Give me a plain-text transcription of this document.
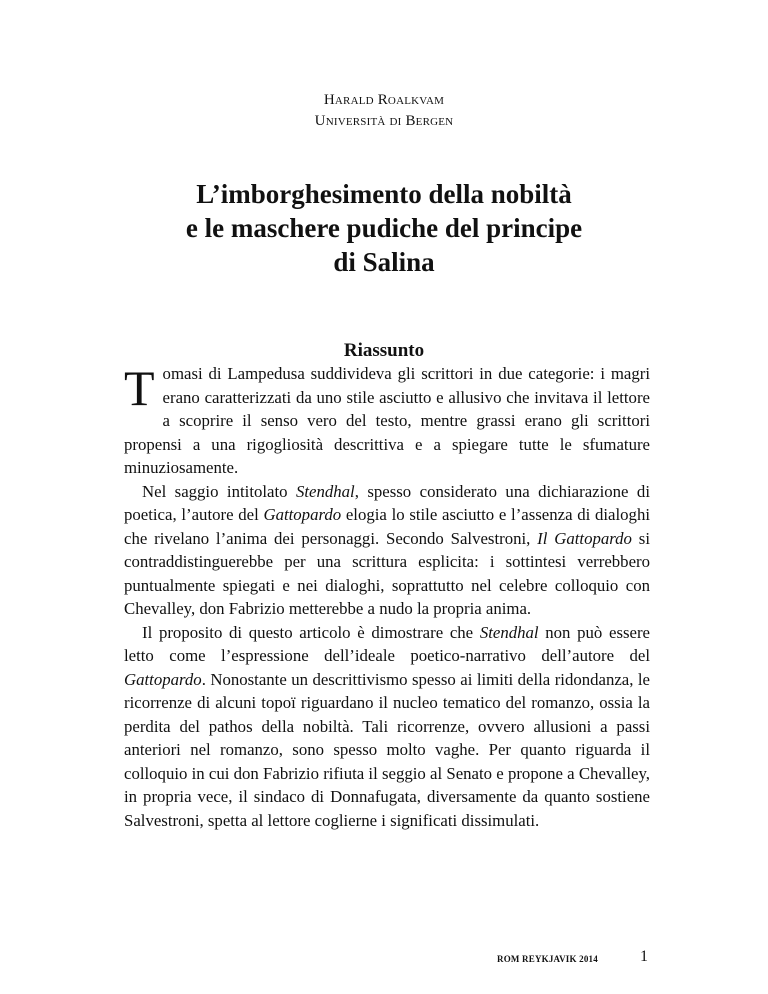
Harald Roalkvam
Università di Bergen
L’imborghesimento della nobiltà
e le maschere pudiche del principe
di Salina
Riassunto

Tomasi di Lampedusa suddivideva gli scrittori in due categorie: i magri erano caratterizzati da uno stile asciutto e allusivo che invitava il lettore a scoprire il senso vero del testo, mentre grassi erano gli scrittori propensi a una rigogliosità descrittiva e a spiegare tutte le sfumature minuziosamente.

Nel saggio intitolato Stendhal, spesso considerato una dichiarazione di poetica, l’autore del Gattopardo elogia lo stile asciutto e l’assenza di dialoghi che rivelano l’anima dei personaggi. Secondo Salvestroni, Il Gattopardo si contraddistinguerebbe per una scrittura esplicita: i sottintesi verrebbero puntualmente spiegati e nei dialoghi, soprattutto nel celebre colloquio con Chevalley, don Fabrizio metterebbe a nudo la propria anima.

Il proposito di questo articolo è dimostrare che Stendhal non può essere letto come l’espressione dell’ideale poetico-narrativo dell’autore del Gattopardo. Nonostante un descrittivismo spesso ai limiti della ridondanza, le ricorrenze di alcuni topoï riguardano il nucleo tematico del romanzo, ossia la perdita del pathos della nobiltà. Tali ricorrenze, ovvero allusioni a passi anteriori nel romanzo, sono spesso molto vaghe. Per quanto riguarda il colloquio in cui don Fabrizio rifiuta il seggio al Senato e propone a Chevalley, in propria vece, il sindaco di Donnafugata, diversamente da quanto sostiene Salvestroni, spetta al lettore coglierne i significati dissimulati.

ROM REYKJAVIK 2014	1
